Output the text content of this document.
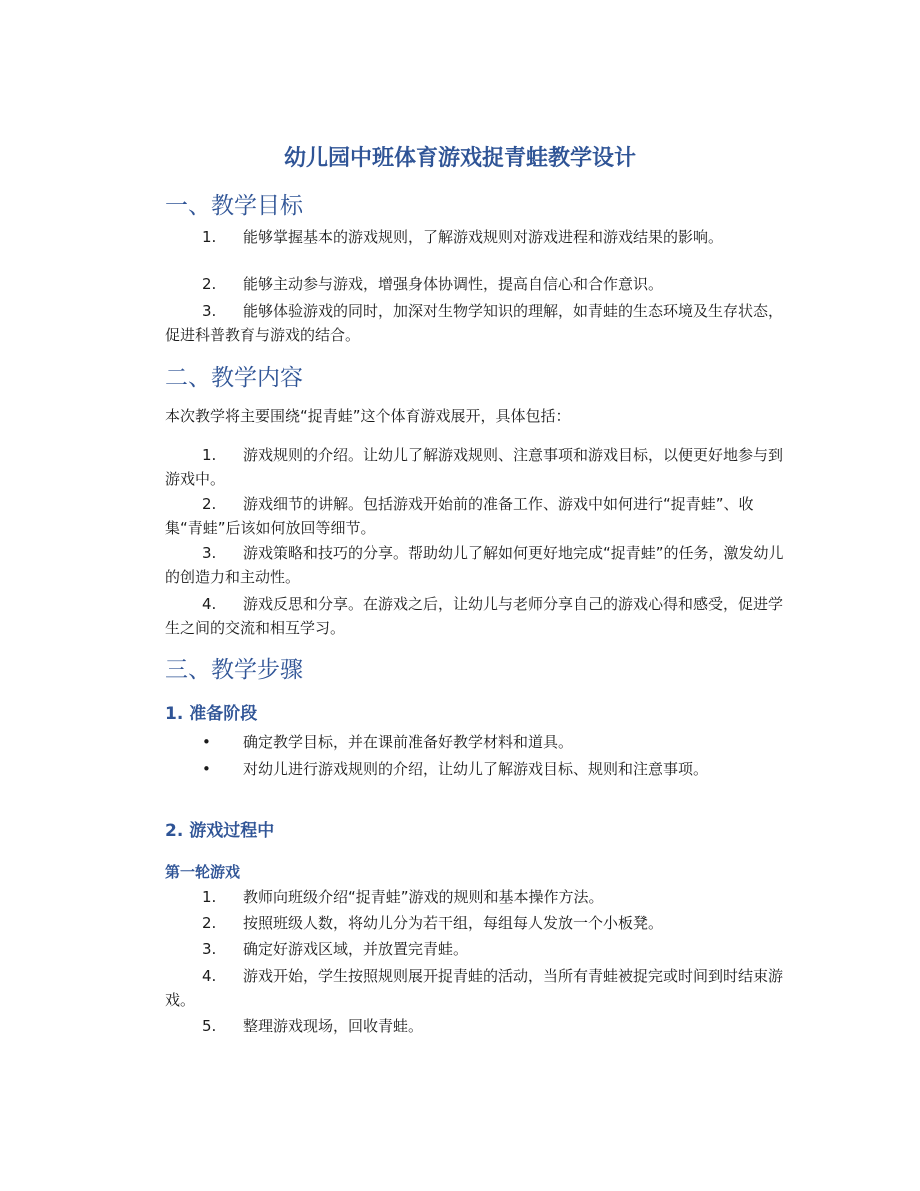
幼儿园中班体育游戏捉青蛙教学设计
一、教学目标

1. 能够掌握基本的游戏规则，了解游戏规则对游戏进程和游戏结果的影响。

2. 能够主动参与游戏，增强身体协调性，提高自信心和合作意识。

3. 能够体验游戏的同时，加深对生物学知识的理解，如青蛙的生态环境及生存状态，促进科普教育与游戏的结合。

二、教学内容

本次教学将主要围绕“捉青蛙”这个体育游戏展开，具体包括：

1. 游戏规则的介绍。让幼儿了解游戏规则、注意事项和游戏目标，以便更好地参与到游戏中。

2. 游戏细节的讲解。包括游戏开始前的准备工作、游戏中如何进行“捉青蛙”、收集“青蛙”后该如何放回等细节。

3. 游戏策略和技巧的分享。帮助幼儿了解如何更好地完成“捉青蛙”的任务，激发幼儿的创造力和主动性。

4. 游戏反思和分享。在游戏之后，让幼儿与老师分享自己的游戏心得和感受，促进学生之间的交流和相互学习。

三、教学步骤
1. 准备阶段

• 确定教学目标，并在课前准备好教学材料和道具。

• 对幼儿进行游戏规则的介绍，让幼儿了解游戏目标、规则和注意事项。

2. 游戏过程中
第一轮游戏

1. 教师向班级介绍“捉青蛙”游戏的规则和基本操作方法。

2. 按照班级人数，将幼儿分为若干组，每组每人发放一个小板凳。

3. 确定好游戏区域，并放置完青蛙。

4. 游戏开始，学生按照规则展开捉青蛙的活动，当所有青蛙被捉完或时间到时结束游戏。

5. 整理游戏现场，回收青蛙。
